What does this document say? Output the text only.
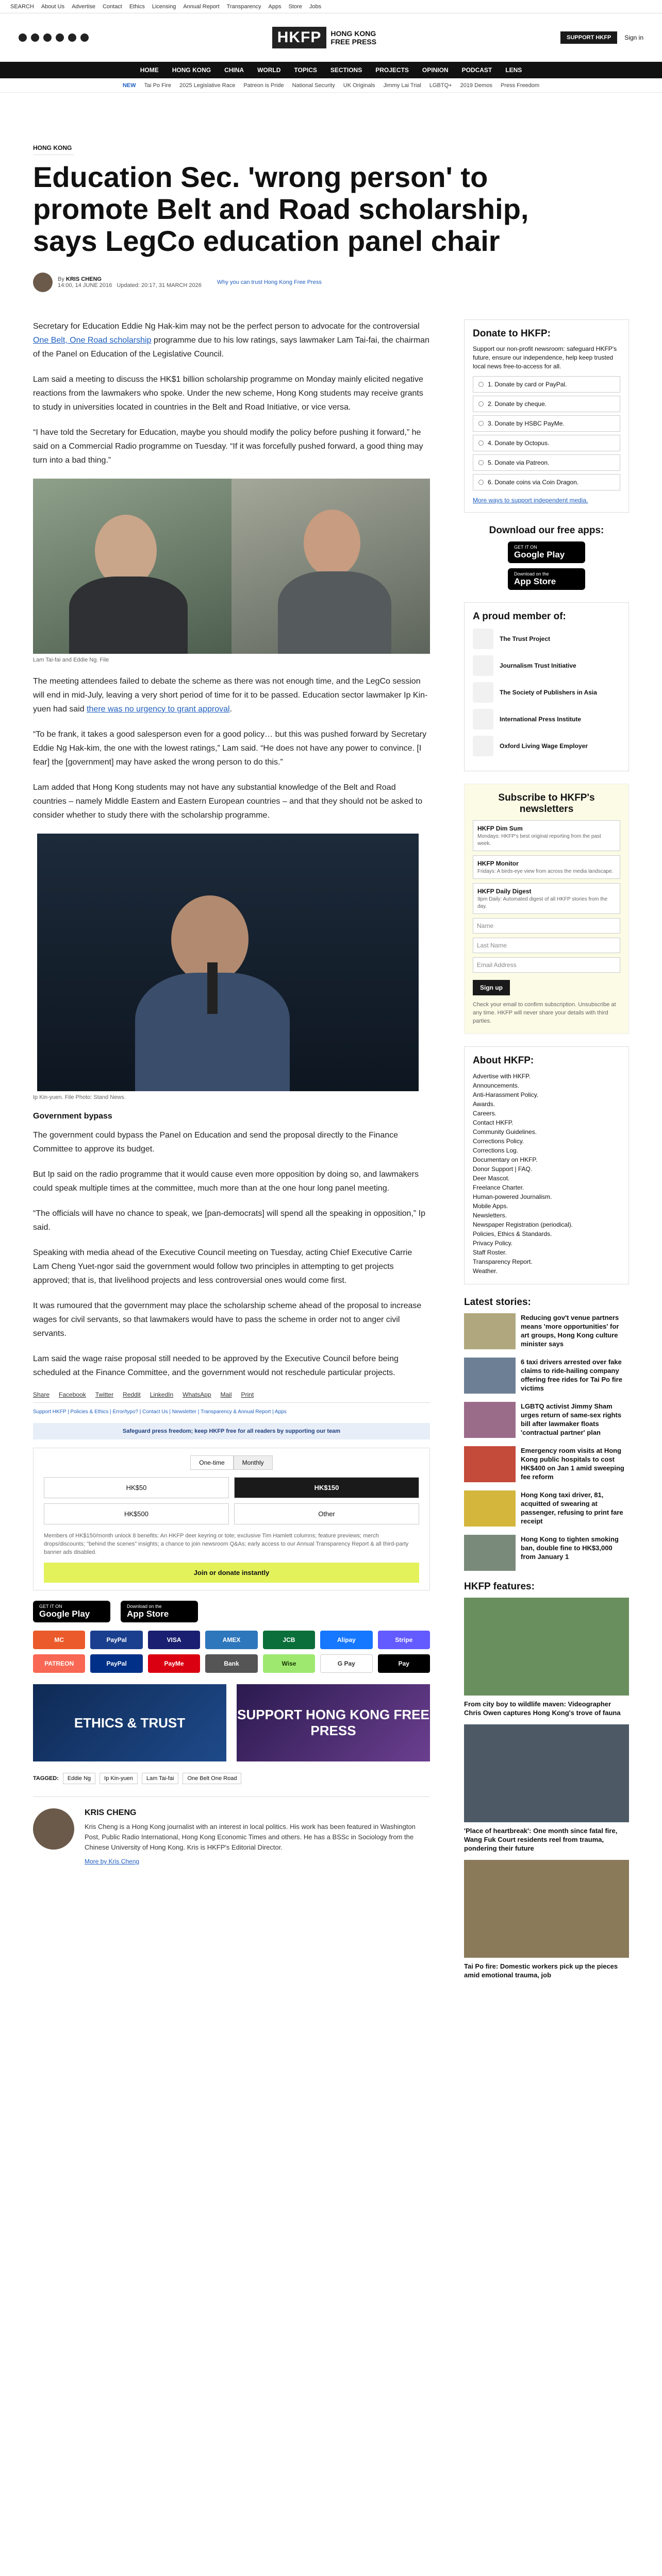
SEARCH About Us Advertise Contact Ethics Licensing Annual Report Transparency Apps Store Jobs
HKFP	HONG KONG FREE PRESS	SUPPORT HKFP	Sign in
HOME HONG KONG CHINA WORLD TOPICS SECTIONS PROJECTS OPINION PODCAST LENS
NEW Tai Po Fire 2025 Legislative Race Patreon is Pride National Security UK Originals Jimmy Lai Trial LGBTQ+ 2019 Demos Press Freedom
HONG KONG
Education Sec. 'wrong person' to promote Belt and Road scholarship, says LegCo education panel chair
By KRIS CHENG
14:00, 14 JUNE 2016 Updated: 20:17, 31 MARCH 2026	Why you can trust Hong Kong Free Press

Secretary for Education Eddie Ng Hak-kim may not be the perfect person to advocate for the controversial One Belt, One Road scholarship programme due to his low ratings, says lawmaker Lam Tai-fai, the chairman of the Panel on Education of the Legislative Council.

Lam said a meeting to discuss the HK$1 billion scholarship programme on Monday mainly elicited negative reactions from the lawmakers who spoke. Under the new scheme, Hong Kong students may receive grants to study in universities located in countries in the Belt and Road Initiative, or vice versa.

“I have told the Secretary for Education, maybe you should modify the policy before pushing it forward,” he said on a Commercial Radio programme on Tuesday. “If it was forcefully pushed forward, a good thing may turn into a bad thing.”

Lam Tai-fai and Eddie Ng. File

The meeting attendees failed to debate the scheme as there was not enough time, and the LegCo session will end in mid-July, leaving a very short period of time for it to be passed. Education sector lawmaker Ip Kin-yuen had said there was no urgency to grant approval.

“To be frank, it takes a good salesperson even for a good policy… but this was pushed forward by Secretary Eddie Ng Hak-kim, the one with the lowest ratings,” Lam said. “He does not have any power to convince. [I fear] the [government] may have asked the wrong person to do this.”

Lam added that Hong Kong students may not have any substantial knowledge of the Belt and Road countries – namely Middle Eastern and Eastern European countries – and that they should not be asked to consider whether to study there with the scholarship programme.

Ip Kin-yuen. File Photo: Stand News.
Government bypass

The government could bypass the Panel on Education and send the proposal directly to the Finance Committee to approve its budget.

But Ip said on the radio programme that it would cause even more opposition by doing so, and lawmakers could speak multiple times at the committee, much more than at the one hour long panel meeting.

“The officials will have no chance to speak, we [pan-democrats] will spend all the speaking in opposition,” Ip said.

Speaking with media ahead of the Executive Council meeting on Tuesday, acting Chief Executive Carrie Lam Cheng Yuet-ngor said the government would follow two principles in attempting to get projects approved; that is, that livelihood projects and less controversial ones would come first.

It was rumoured that the government may place the scholarship scheme ahead of the proposal to increase wages for civil servants, so that lawmakers would have to pass the scheme in order not to anger civil servants.

Lam said the wage raise proposal still needed to be approved by the Executive Council before being scheduled at the Finance Committee, and the government would not reschedule particular projects.

Share Facebook Twitter Reddit LinkedIn WhatsApp Mail Print
Support HKFP | Policies & Ethics | Error/typo? | Contact Us | Newsletter | Transparency & Annual Report | Apps
Safeguard press freedom; keep HKFP free for all readers by supporting our team
One-time	Monthly
HK$50	HK$150
HK$500	Other
Members of HK$150/month unlock 8 benefits: An HKFP deer keyring or tote; exclusive Tim Hamlett columns; feature previews; merch drops/discounts; "behind the scenes" insights; a chance to join newsroom Q&As; early access to our Annual Transparency Report & all third-party banner ads disabled.
Join or donate instantly
GET IT ON
Google Play
Download on the
App Store
MC	PayPal	VISA	AMEX	JCB	Alipay	Stripe
PATREON	PayPal	PayMe	Bank	Wise	G Pay	Pay
ETHICS & TRUST
SUPPORT HONG KONG FREE PRESS
TAGGED:	Eddie Ng	Ip Kin-yuen	Lam Tai-fai	One Belt One Road
KRIS CHENG

Kris Cheng is a Hong Kong journalist with an interest in local politics. His work has been featured in Washington Post, Public Radio International, Hong Kong Economic Times and others. He has a BSSc in Sociology from the Chinese University of Hong Kong. Kris is HKFP's Editorial Director.

More by Kris Cheng
Donate to HKFP:

Support our non-profit newsroom: safeguard HKFP's future, ensure our independence, help keep trusted local news free-to-access for all.

1. Donate by card or PayPal.
2. Donate by cheque.
3. Donate by HSBC PayMe.
4. Donate by Octopus.
5. Donate via Patreon.
6. Donate coins via Coin Dragon.
More ways to support independent media.
Download our free apps:
GET IT ON
Google Play
Download on the
App Store
A proud member of:
The Trust Project
Journalism Trust Initiative
The Society of Publishers in Asia
International Press Institute
Oxford Living Wage Employer
Subscribe to HKFP's newsletters
HKFP Dim Sum
Mondays: HKFP's best original reporting from the past week.
HKFP Monitor
Fridays: A birds-eye view from across the media landscape.
HKFP Daily Digest
9pm Daily: Automated digest of all HKFP stories from the day.
Name
Last Name
Email Address
Sign up
Check your email to confirm subscription. Unsubscribe at any time. HKFP will never share your details with third parties.
About HKFP:
Advertise with HKFP.
Announcements.
Anti-Harassment Policy.
Awards.
Careers.
Contact HKFP.
Community Guidelines.
Corrections Policy.
Corrections Log.
Documentary on HKFP.
Donor Support | FAQ.
Deer Mascot.
Freelance Charter.
Human-powered Journalism.
Mobile Apps.
Newsletters.
Newspaper Registration (periodical).
Policies, Ethics & Standards.
Privacy Policy.
Staff Roster.
Transparency Report.
Weather.
Latest stories:
Reducing gov't venue partners means 'more opportunities' for art groups, Hong Kong culture minister says
6 taxi drivers arrested over fake claims to ride-hailing company offering free rides for Tai Po fire victims
LGBTQ activist Jimmy Sham urges return of same-sex rights bill after lawmaker floats 'contractual partner' plan
Emergency room visits at Hong Kong public hospitals to cost HK$400 on Jan 1 amid sweeping fee reform
Hong Kong taxi driver, 81, acquitted of swearing at passenger, refusing to print fare receipt
Hong Kong to tighten smoking ban, double fine to HK$3,000 from January 1
HKFP features:
From city boy to wildlife maven: Videographer Chris Owen captures Hong Kong's trove of fauna
'Place of heartbreak': One month since fatal fire, Wang Fuk Court residents reel from trauma, pondering their future
Tai Po fire: Domestic workers pick up the pieces amid emotional trauma, job
